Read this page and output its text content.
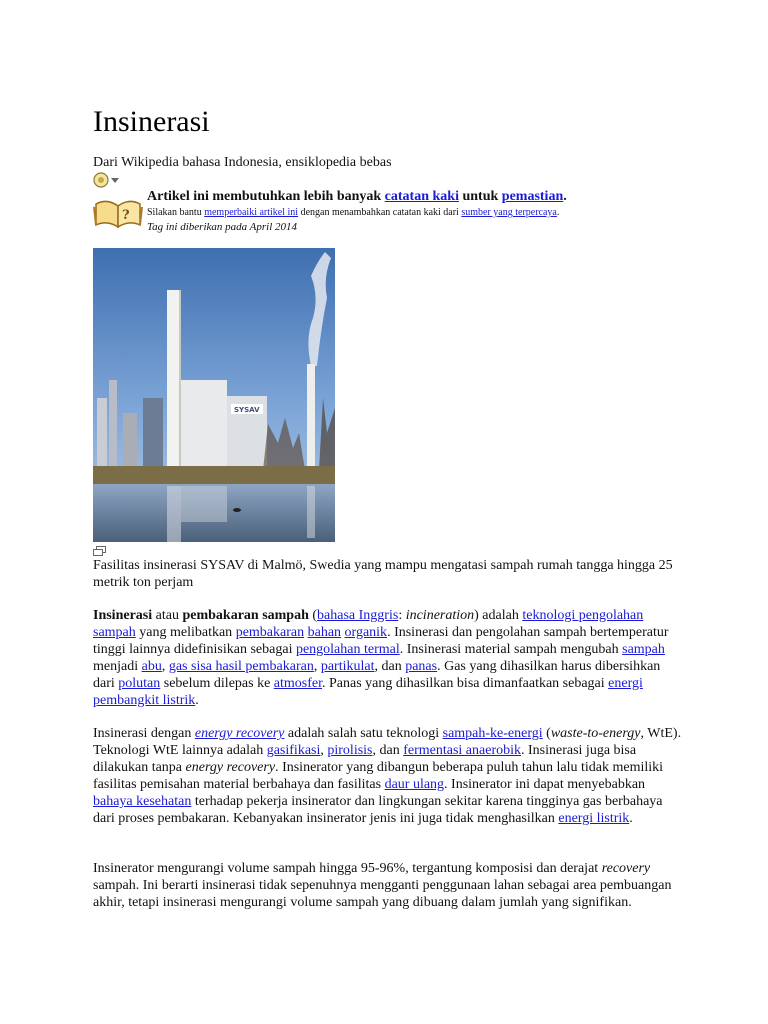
Insinerasi
Dari Wikipedia bahasa Indonesia, ensiklopedia bebas
?
Artikel ini membutuhkan lebih banyak catatan kaki untuk pemastian.
Silakan bantu memperbaiki artikel ini dengan menambahkan catatan kaki dari sumber yang terpercaya.
Tag ini diberikan pada April 2014
SYSAV
Fasilitas insinerasi SYSAV di Malmö, Swedia yang mampu mengatasi sampah rumah tangga hingga 25 metrik ton perjam

Insinerasi atau pembakaran sampah (bahasa Inggris: incineration) adalah teknologi pengolahan sampah yang melibatkan pembakaran bahan organik. Insinerasi dan pengolahan sampah bertemperatur tinggi lainnya didefinisikan sebagai pengolahan termal. Insinerasi material sampah mengubah sampah menjadi abu, gas sisa hasil pembakaran, partikulat, dan panas. Gas yang dihasilkan harus dibersihkan dari polutan sebelum dilepas ke atmosfer. Panas yang dihasilkan bisa dimanfaatkan sebagai energi pembangkit listrik.

Insinerasi dengan energy recovery adalah salah satu teknologi sampah-ke-energi (waste-to-energy, WtE). Teknologi WtE lainnya adalah gasifikasi, pirolisis, dan fermentasi anaerobik. Insinerasi juga bisa dilakukan tanpa energy recovery. Insinerator yang dibangun beberapa puluh tahun lalu tidak memiliki fasilitas pemisahan material berbahaya dan fasilitas daur ulang. Insinerator ini dapat menyebabkan bahaya kesehatan terhadap pekerja insinerator dan lingkungan sekitar karena tingginya gas berbahaya dari proses pembakaran. Kebanyakan insinerator jenis ini juga tidak menghasilkan energi listrik.

Insinerator mengurangi volume sampah hingga 95-96%, tergantung komposisi dan derajat recovery sampah. Ini berarti insinerasi tidak sepenuhnya mengganti penggunaan lahan sebagai area pembuangan akhir, tetapi insinerasi mengurangi volume sampah yang dibuang dalam jumlah yang signifikan.
